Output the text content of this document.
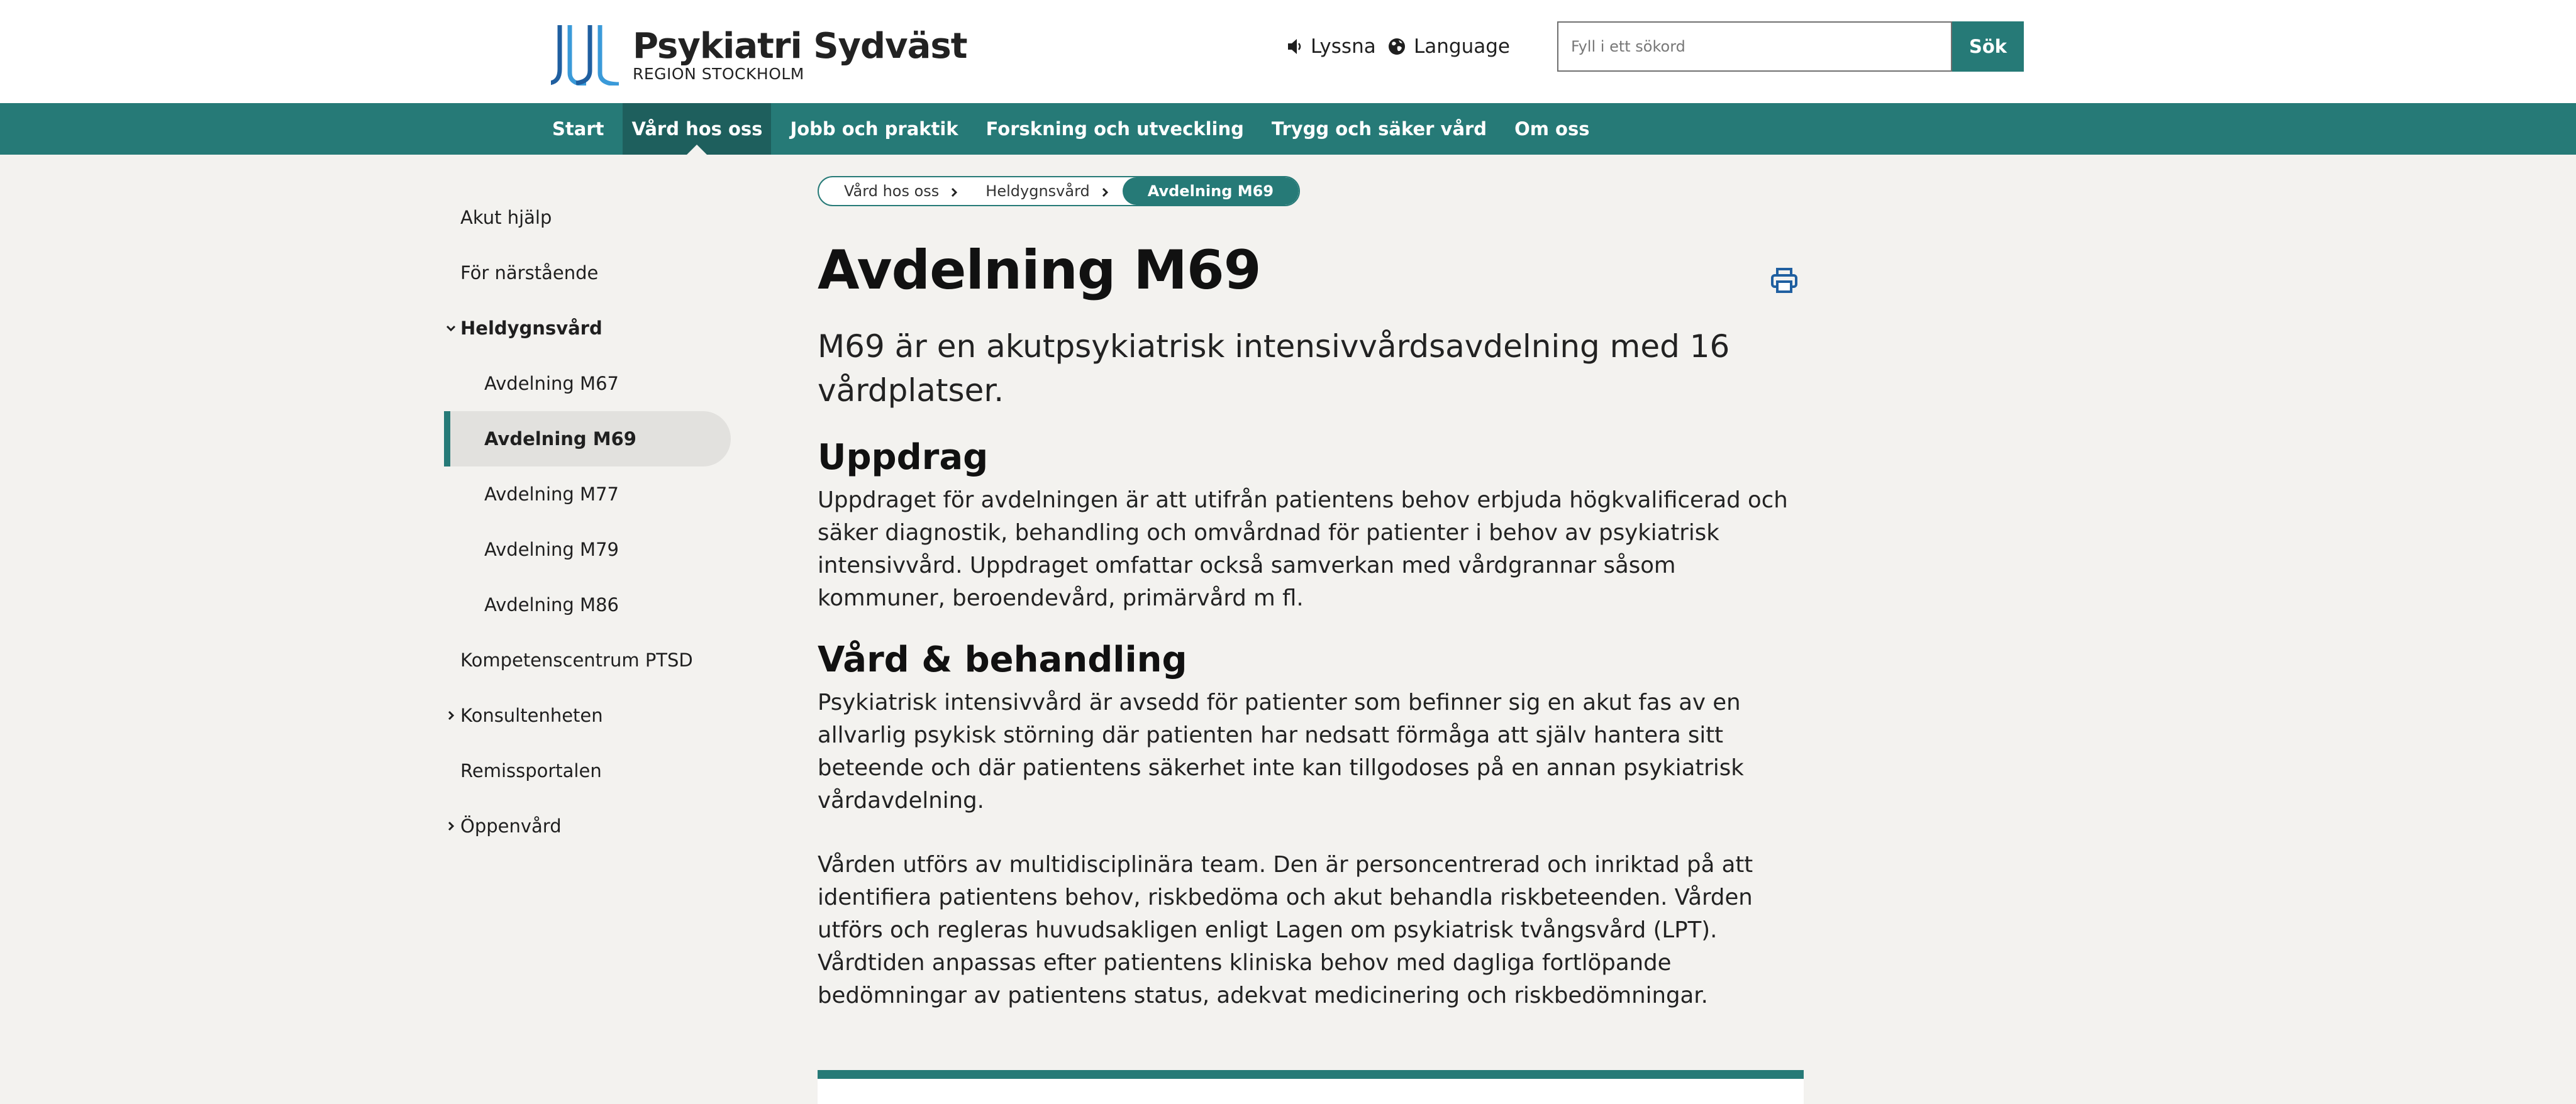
Psykiatri Sydväst
REGION STOCKHOLM
Lyssna Language
Fyll i ett sökord	Sök
Start	Vård hos oss	Jobb och praktik	Forskning och utveckling	Trygg och säker vård	Om oss
Akut hjälp
För närstående
Heldygnsvård
Avdelning M67
Avdelning M69
Avdelning M77
Avdelning M79
Avdelning M86
Kompetenscentrum PTSD
Konsultenheten
Remissportalen
Öppenvård
Vård hos oss	Heldygnsvård	Avdelning M69
Avdelning M69

M69 är en akutpsykiatrisk intensivvårdsavdelning med 16 vårdplatser.

Uppdrag

Uppdraget för avdelningen är att utifrån patientens behov erbjuda högkvalificerad och säker diagnostik, behandling och omvårdnad för patienter i behov av psykiatrisk intensivvård. Uppdraget omfattar också samverkan med vårdgrannar såsom kommuner, beroendevård, primärvård m fl.

Vård & behandling

Psykiatrisk intensivvård är avsedd för patienter som befinner sig en akut fas av en allvarlig psykisk störning där patienten har nedsatt förmåga att själv hantera sitt beteende och där patientens säkerhet inte kan tillgodoses på en annan psykiatrisk vårdavdelning.

Vården utförs av multidisciplinära team. Den är personcentrerad och inriktad på att identifiera patientens behov, riskbedöma och akut behandla riskbeteenden. Vården utförs och regleras huvudsakligen enligt Lagen om psykiatrisk tvångsvård (LPT). Vårdtiden anpassas efter patientens kliniska behov med dagliga fortlöpande bedömningar av patientens status, adekvat medicinering och riskbedömningar.
